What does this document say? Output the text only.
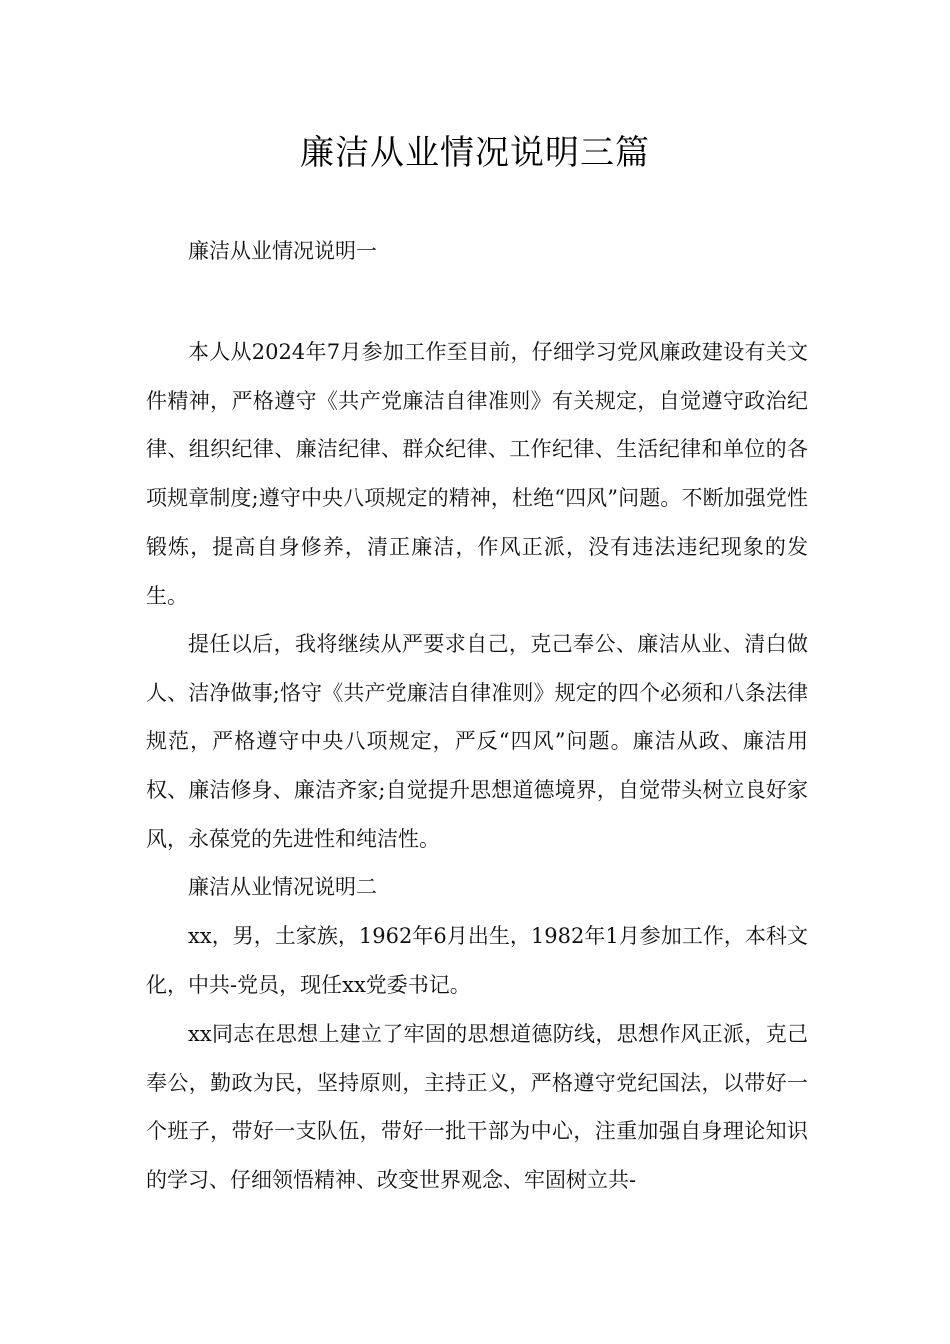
廉洁从业情况说明三篇

廉洁从业情况说明一

本人从2024年7月参加工作至目前，仔细学习党风廉政建设有关文件精神，严格遵守《共产党廉洁自律准则》有关规定，自觉遵守政治纪律、组织纪律、廉洁纪律、群众纪律、工作纪律、生活纪律和单位的各项规章制度;遵守中央八项规定的精神，杜绝“四风”问题。不断加强党性锻炼，提高自身修养，清正廉洁，作风正派，没有违法违纪现象的发生。

提任以后，我将继续从严要求自己，克己奉公、廉洁从业、清白做人、洁净做事;恪守《共产党廉洁自律准则》规定的四个必须和八条法律规范，严格遵守中央八项规定，严反“四风”问题。廉洁从政、廉洁用权、廉洁修身、廉洁齐家;自觉提升思想道德境界，自觉带头树立良好家风，永葆党的先进性和纯洁性。

廉洁从业情况说明二

xx，男，土家族，1962年6月出生，1982年1月参加工作，本科文化，中共-党员，现任xx党委书记。

xx同志在思想上建立了牢固的思想道德防线，思想作风正派，克己奉公，勤政为民，坚持原则，主持正义，严格遵守党纪国法，以带好一个班子，带好一支队伍，带好一批干部为中心，注重加强自身理论知识的学习、仔细领悟精神、改变世界观念、牢固树立共-
